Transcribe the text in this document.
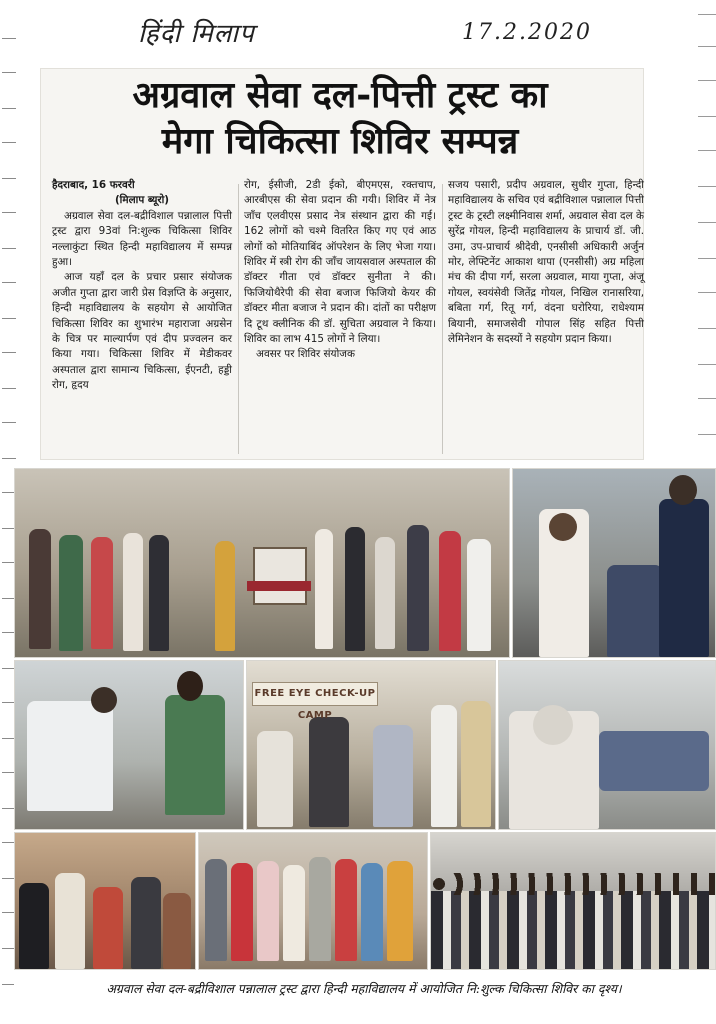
हिंदी मिलाप	17.2.2020
अग्रवाल सेवा दल-पित्ती ट्रस्ट का
मेगा चिकित्सा शिविर सम्पन्न
हैदराबाद, 16 फरवरी
(मिलाप ब्यूरो)
अग्रवाल सेवा दल-बद्रीविशाल पन्नालाल पित्ती ट्रस्ट द्वारा 93वां नि:शुल्क चिकित्सा शिविर नल्लाकुंटा स्थित हिन्दी महाविद्यालय में सम्पन्न हुआ।
आज यहाँ दल के प्रचार प्रसार संयोजक अजीत गुप्ता द्वारा जारी प्रेस विज्ञप्ति के अनुसार, हिन्दी महाविद्यालय के सहयोग से आयोजित चिकित्सा शिविर का शुभारंभ महाराजा अग्रसेन के चित्र पर माल्यार्पण एवं दीप प्रज्वलन कर किया गया। चिकित्सा शिविर में मेडीकवर अस्पताल द्वारा सामान्य चिकित्सा, ईएनटी, हड्डी रोग, हृदय
रोग, ईसीजी, 2डी ईको, बीएमएस, रक्तचाप, आरबीएस की सेवा प्रदान की गयी। शिविर में नेत्र जाँच एलवीएस प्रसाद नेत्र संस्थान द्वारा की गई। 162 लोगों को चश्मे वितरित किए गए एवं आठ लोगों को मोतियाबिंद ऑपरेशन के लिए भेजा गया। शिविर में स्त्री रोग की जाँच जायसवाल अस्पताल की डॉक्टर गीता एवं डॉक्टर सुनीता ने की। फिजियोथैरेपी की सेवा बजाज फिजियो केयर की डॉक्टर मीता बजाज ने प्रदान की। दांतों का परीक्षण दि टूथ क्लीनिक की डॉ. सुचिता अग्रवाल ने किया। शिविर का लाभ 415 लोगों ने लिया।
अवसर पर शिविर संयोजक
सजय पसारी, प्रदीप अग्रवाल, सुधीर गुप्ता, हिन्दी महाविद्यालय के सचिव एवं बद्रीविशाल पन्नालाल पित्ती ट्रस्ट के ट्रस्टी लक्ष्मीनिवास शर्मा, अग्रवाल सेवा दल के सुरेंद्र गोयल, हिन्दी महाविद्यालय के प्राचार्य डॉ. जी. उमा, उप-प्राचार्य श्रीदेवी, एनसीसी अधिकारी अर्जुन मोर, लेफ्टिनेंट आकाश थापा (एनसीसी) अग्र महिला मंच की दीपा गर्ग, सरला अग्रवाल, माया गुप्ता, अंजू गोयल, स्वयंसेवी जितेंद्र गोयल, निखिल रानासरिया, बबिता गर्ग, रितू गर्ग, वंदना घरोरिया, राधेश्याम बियानी, समाजसेवी गोपाल सिंह सहित पित्ती लेमिनेशन के सदस्यों ने सहयोग प्रदान किया।
FREE EYE CHECK-UP CAMP
अग्रवाल सेवा दल-बद्रीविशाल पन्नालाल ट्रस्ट द्वारा हिन्दी महाविद्यालय में आयोजित नि:शुल्क चिकित्सा शिविर का दृश्य।
